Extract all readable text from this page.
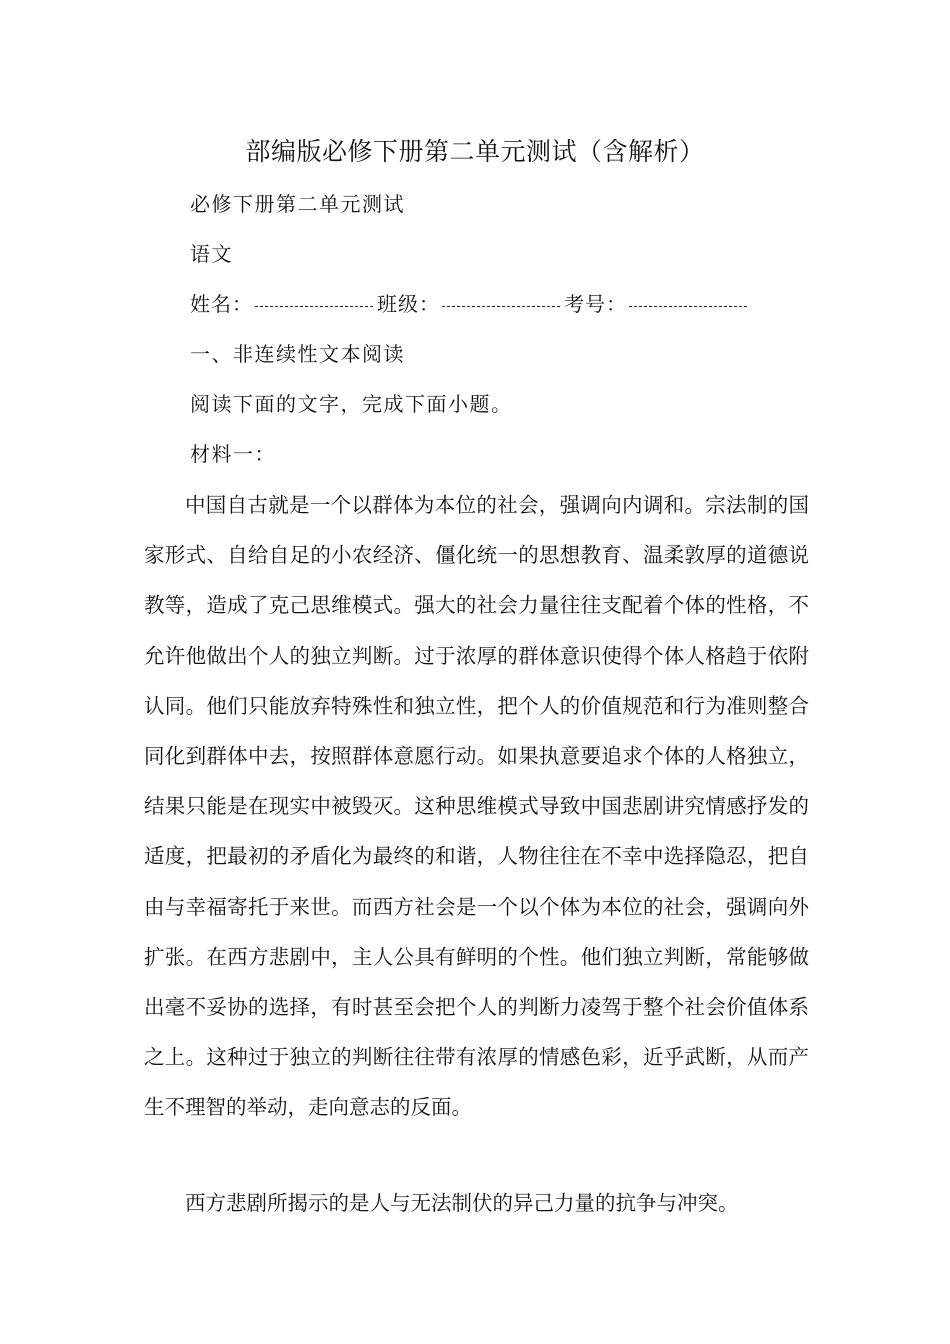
部编版必修下册第二单元测试（含解析）
必修下册第二单元测试
语文
姓名：	班级：	考号：
一、非连续性文本阅读
阅读下面的文字，完成下面小题。
材料一：

中国自古就是一个以群体为本位的社会，强调向内调和。宗法制的国家形式、自给自足的小农经济、僵化统一的思想教育、温柔敦厚的道德说教等，造成了克己思维模式。强大的社会力量往往支配着个体的性格，不允许他做出个人的独立判断。过于浓厚的群体意识使得个体人格趋于依附认同。他们只能放弃特殊性和独立性，把个人的价值规范和行为准则整合同化到群体中去，按照群体意愿行动。如果执意要追求个体的人格独立，结果只能是在现实中被毁灭。这种思维模式导致中国悲剧讲究情感抒发的适度，把最初的矛盾化为最终的和谐，人物往往在不幸中选择隐忍，把自由与幸福寄托于来世。而西方社会是一个以个体为本位的社会，强调向外扩张。在西方悲剧中，主人公具有鲜明的个性。他们独立判断，常能够做出毫不妥协的选择，有时甚至会把个人的判断力凌驾于整个社会价值体系之上。这种过于独立的判断往往带有浓厚的情感色彩，近乎武断，从而产生不理智的举动，走向意志的反面。

西方悲剧所揭示的是人与无法制伏的异己力量的抗争与冲突。
